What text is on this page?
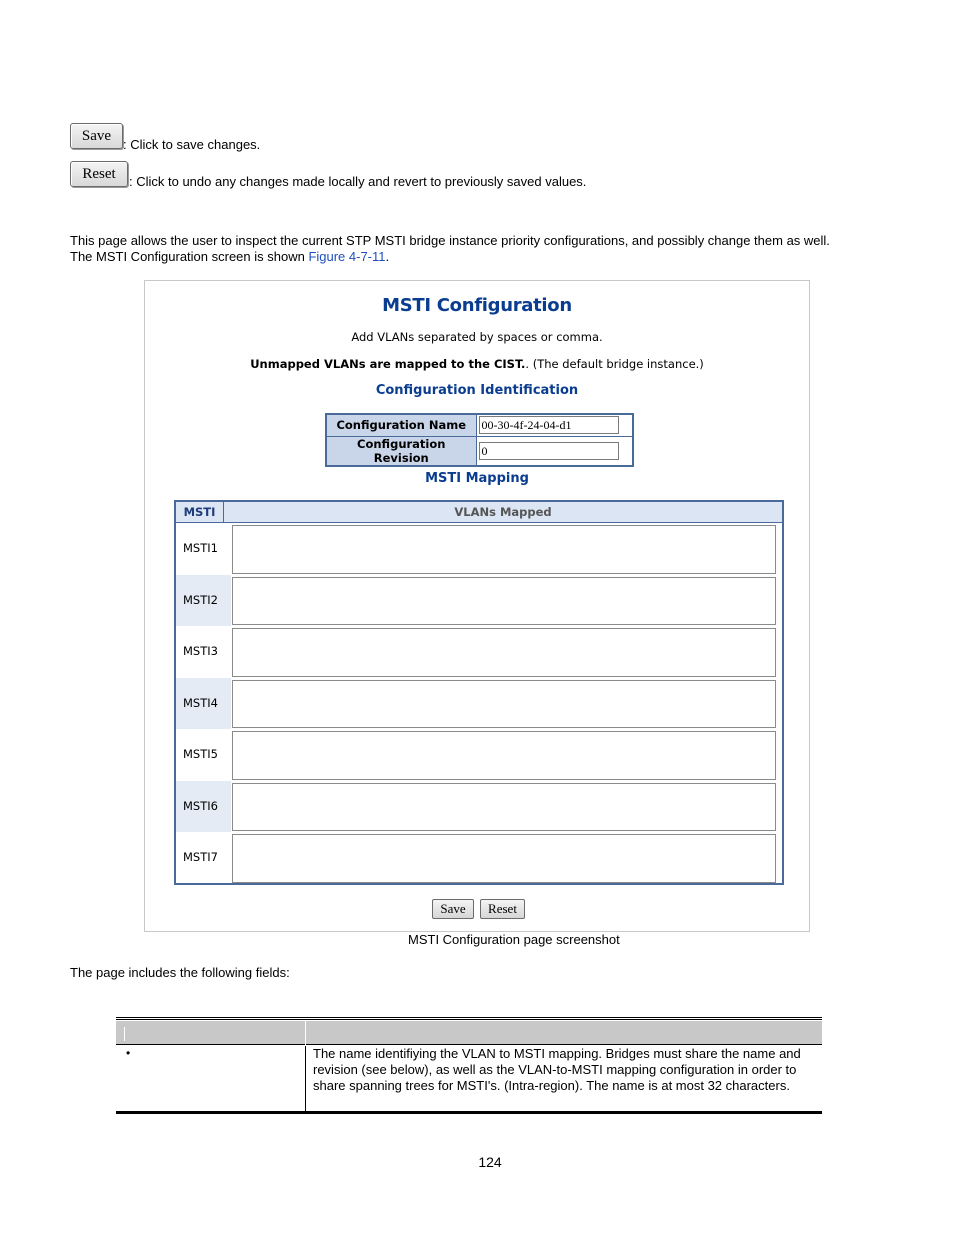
Save
: Click to save changes.
Reset	: Click to undo any changes made locally and revert to previously saved values.
This page allows the user to inspect the current STP MSTI bridge instance priority configurations, and possibly change them as well.
The MSTI Configuration screen is shown Figure 4-7-11.
MSTI Configuration
Add VLANs separated by spaces or comma.
Unmapped VLANs are mapped to the CIST.. (The default bridge instance.)
Configuration Identification
Configuration Name	00-30-4f-24-04-d1

Configuration Revision	0
MSTI Mapping
MSTI	VLANs Mapped
MSTI1
MSTI2
MSTI3
MSTI4
MSTI5
MSTI6
MSTI7
Save	Reset
MSTI Configuration page screenshot
The page includes the following fields:
•	The name identifiying the VLAN to MSTI mapping. Bridges must share the name and revision (see below), as well as the VLAN-to-MSTI mapping configuration in order to share spanning trees for MSTI's. (Intra-region). The name is at most 32 characters.
124
